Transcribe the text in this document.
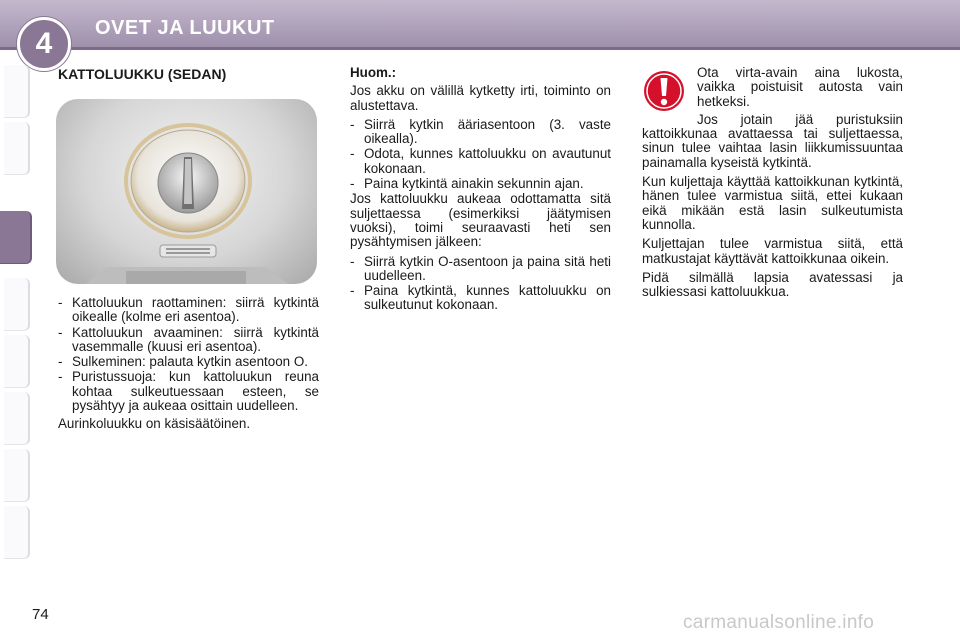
4	OVET JA LUUKUT
KATTOLUUKKU (SEDAN)
- Kattoluukun raottaminen: siirrä kytkintä oikealle (kolme eri asentoa).
- Kattoluukun avaaminen: siirrä kytkintä vasemmalle (kuusi eri asentoa).
- Sulkeminen: palauta kytkin asentoon O.
- Puristussuoja: kun kattoluukun reuna kohtaa sulkeutuessaan esteen, se pysähtyy ja aukeaa osittain uudelleen.

Aurinkoluukku on käsisäätöinen.

Huom.:

Jos akku on välillä kytketty irti, toiminto on alustettava.

- Siirrä kytkin ääriasentoon (3. vaste oikealla).
- Odota, kunnes kattoluukku on avautunut kokonaan.
- Paina kytkintä ainakin sekunnin ajan.

Jos kattoluukku aukeaa odottamatta sitä suljettaessa (esimerkiksi jäätymisen vuoksi), toimi seuraavasti heti sen pysähtymisen jälkeen:

- Siirrä kytkin O-asentoon ja paina sitä heti uudelleen.
- Paina kytkintä, kunnes kattoluukku on sulkeutunut kokonaan.

Ota virta-avain aina lukosta, vaikka poistuisit autosta vain hetkeksi.

Jos jotain jää puristuksiin kattoikkunaa avattaessa tai suljettaessa, sinun tulee vaihtaa lasin liikkumissuuntaa painamalla kyseistä kytkintä.

Kun kuljettaja käyttää kattoikkunan kytkintä, hänen tulee varmistua siitä, ettei kukaan eikä mikään estä lasin sulkeutumista kunnolla.

Kuljettajan tulee varmistua siitä, että matkustajat käyttävät kattoikkunaa oikein.

Pidä silmällä lapsia avatessasi ja sulkiessasi kattoluukkua.

74	carmanualsonline.info
